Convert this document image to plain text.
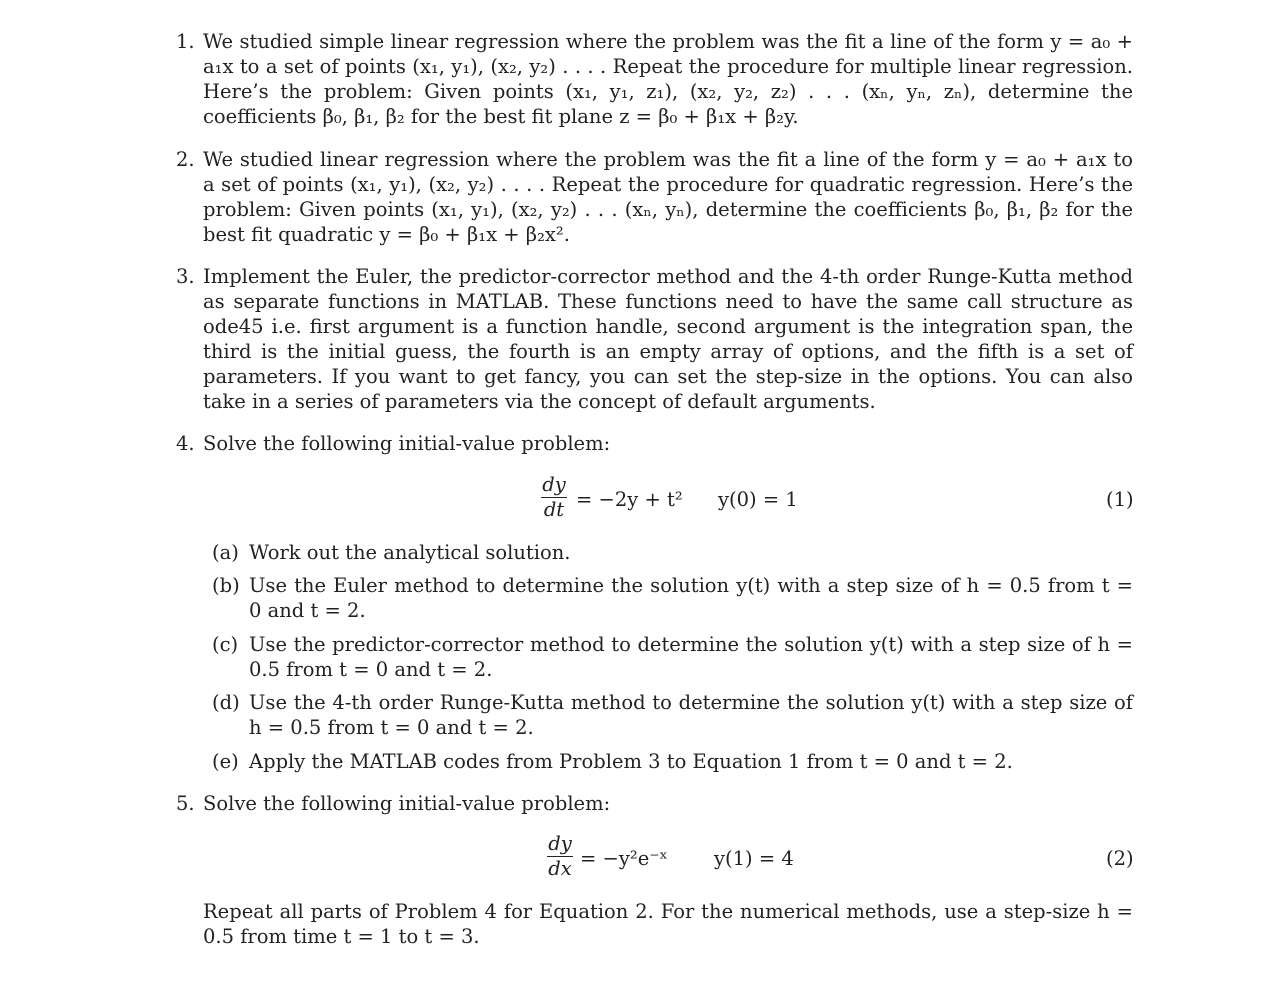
1. We studied simple linear regression where the problem was the fit a line of the form y = a₀ + a₁x to a set of points (x₁, y₁), (x₂, y₂) . . . . Repeat the procedure for multiple linear regression. Here’s the problem: Given points (x₁, y₁, z₁), (x₂, y₂, z₂) . . . (xₙ, yₙ, zₙ), determine the coefficients β₀, β₁, β₂ for the best fit plane z = β₀ + β₁x + β₂y.
2. We studied linear regression where the problem was the fit a line of the form y = a₀ + a₁x to a set of points (x₁, y₁), (x₂, y₂) . . . . Repeat the procedure for quadratic regression. Here’s the problem: Given points (x₁, y₁), (x₂, y₂) . . . (xₙ, yₙ), determine the coefficients β₀, β₁, β₂ for the best fit quadratic y = β₀ + β₁x + β₂x².
3. Implement the Euler, the predictor-corrector method and the 4-th order Runge-Kutta method as separate functions in MATLAB. These functions need to have the same call structure as ode45 i.e. first argument is a function handle, second argument is the integration span, the third is the initial guess, the fourth is an empty array of options, and the fifth is a set of parameters. If you want to get fancy, you can set the step-size in the options. You can also take in a series of parameters via the concept of default arguments.
4. Solve the following initial-value problem:
dy
dt = −2y + t² y(0) = 1	(1)
(a) Work out the analytical solution.
(b) Use the Euler method to determine the solution y(t) with a step size of h = 0.5 from t = 0 and t = 2.
(c) Use the predictor-corrector method to determine the solution y(t) with a step size of h = 0.5 from t = 0 and t = 2.
(d) Use the 4-th order Runge-Kutta method to determine the solution y(t) with a step size of h = 0.5 from t = 0 and t = 2.
(e) Apply the MATLAB codes from Problem 3 to Equation 1 from t = 0 and t = 2.
5. Solve the following initial-value problem:
dy
dx = −y²e⁻ˣ y(1) = 4	(2)
Repeat all parts of Problem 4 for Equation 2. For the numerical methods, use a step-size h = 0.5 from time t = 1 to t = 3.
